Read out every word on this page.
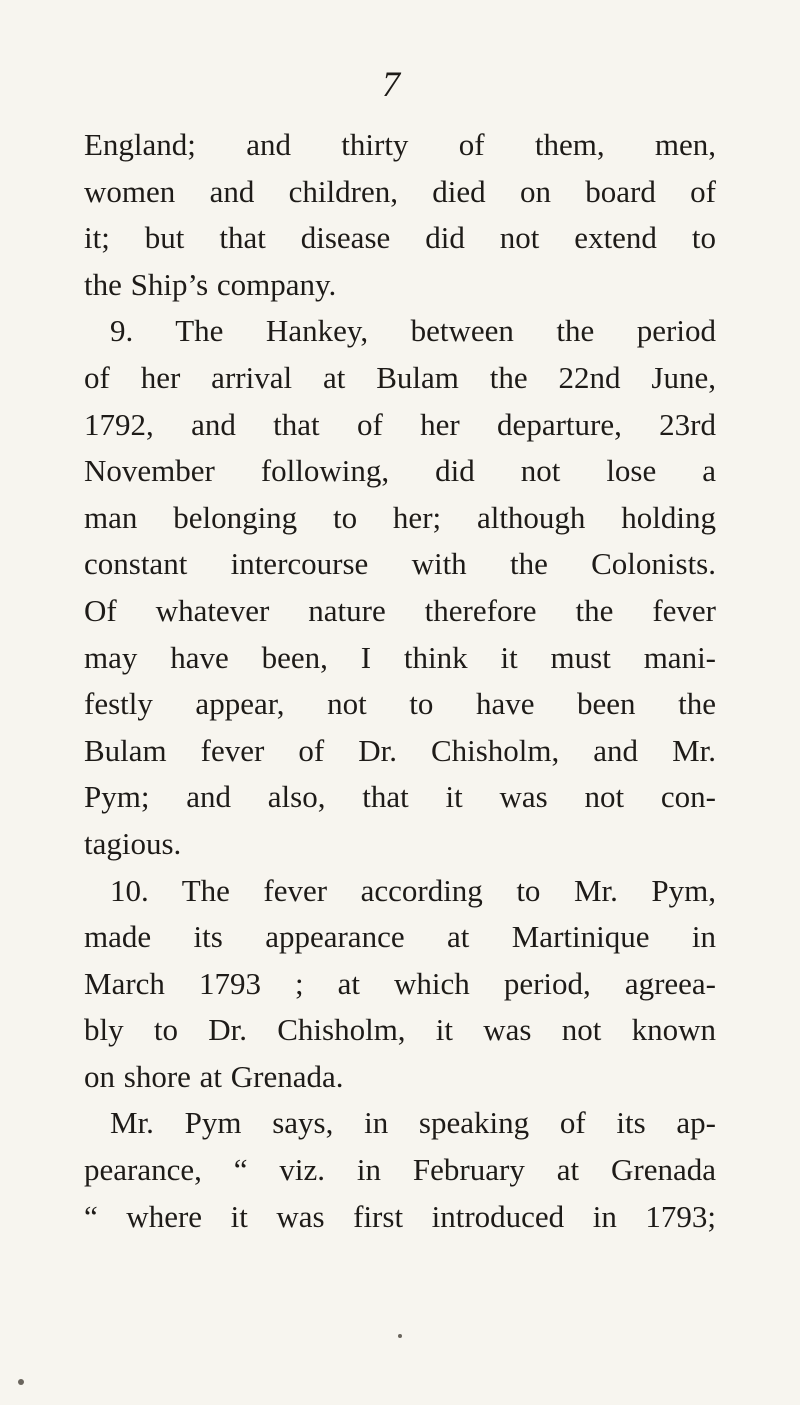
7
England; and thirty of them, men,
women and children, died on board of
it; but that disease did not extend to
the Ship’s company.
9. The Hankey, between the period
of her arrival at Bulam the 22nd June,
1792, and that of her departure, 23rd
November following, did not lose a
man belonging to her; although holding
constant intercourse with the Colonists.
Of whatever nature therefore the fever
may have been, I think it must mani-
festly appear, not to have been the
Bulam fever of Dr. Chisholm, and Mr.
Pym; and also, that it was not con-
tagious.
10. The fever according to Mr. Pym,
made its appearance at Martinique in
March 1793 ; at which period, agreea-
bly to Dr. Chisholm, it was not known
on shore at Grenada.
Mr. Pym says, in speaking of its ap-
pearance, “ viz. in February at Grenada
“ where it was first introduced in 1793;
